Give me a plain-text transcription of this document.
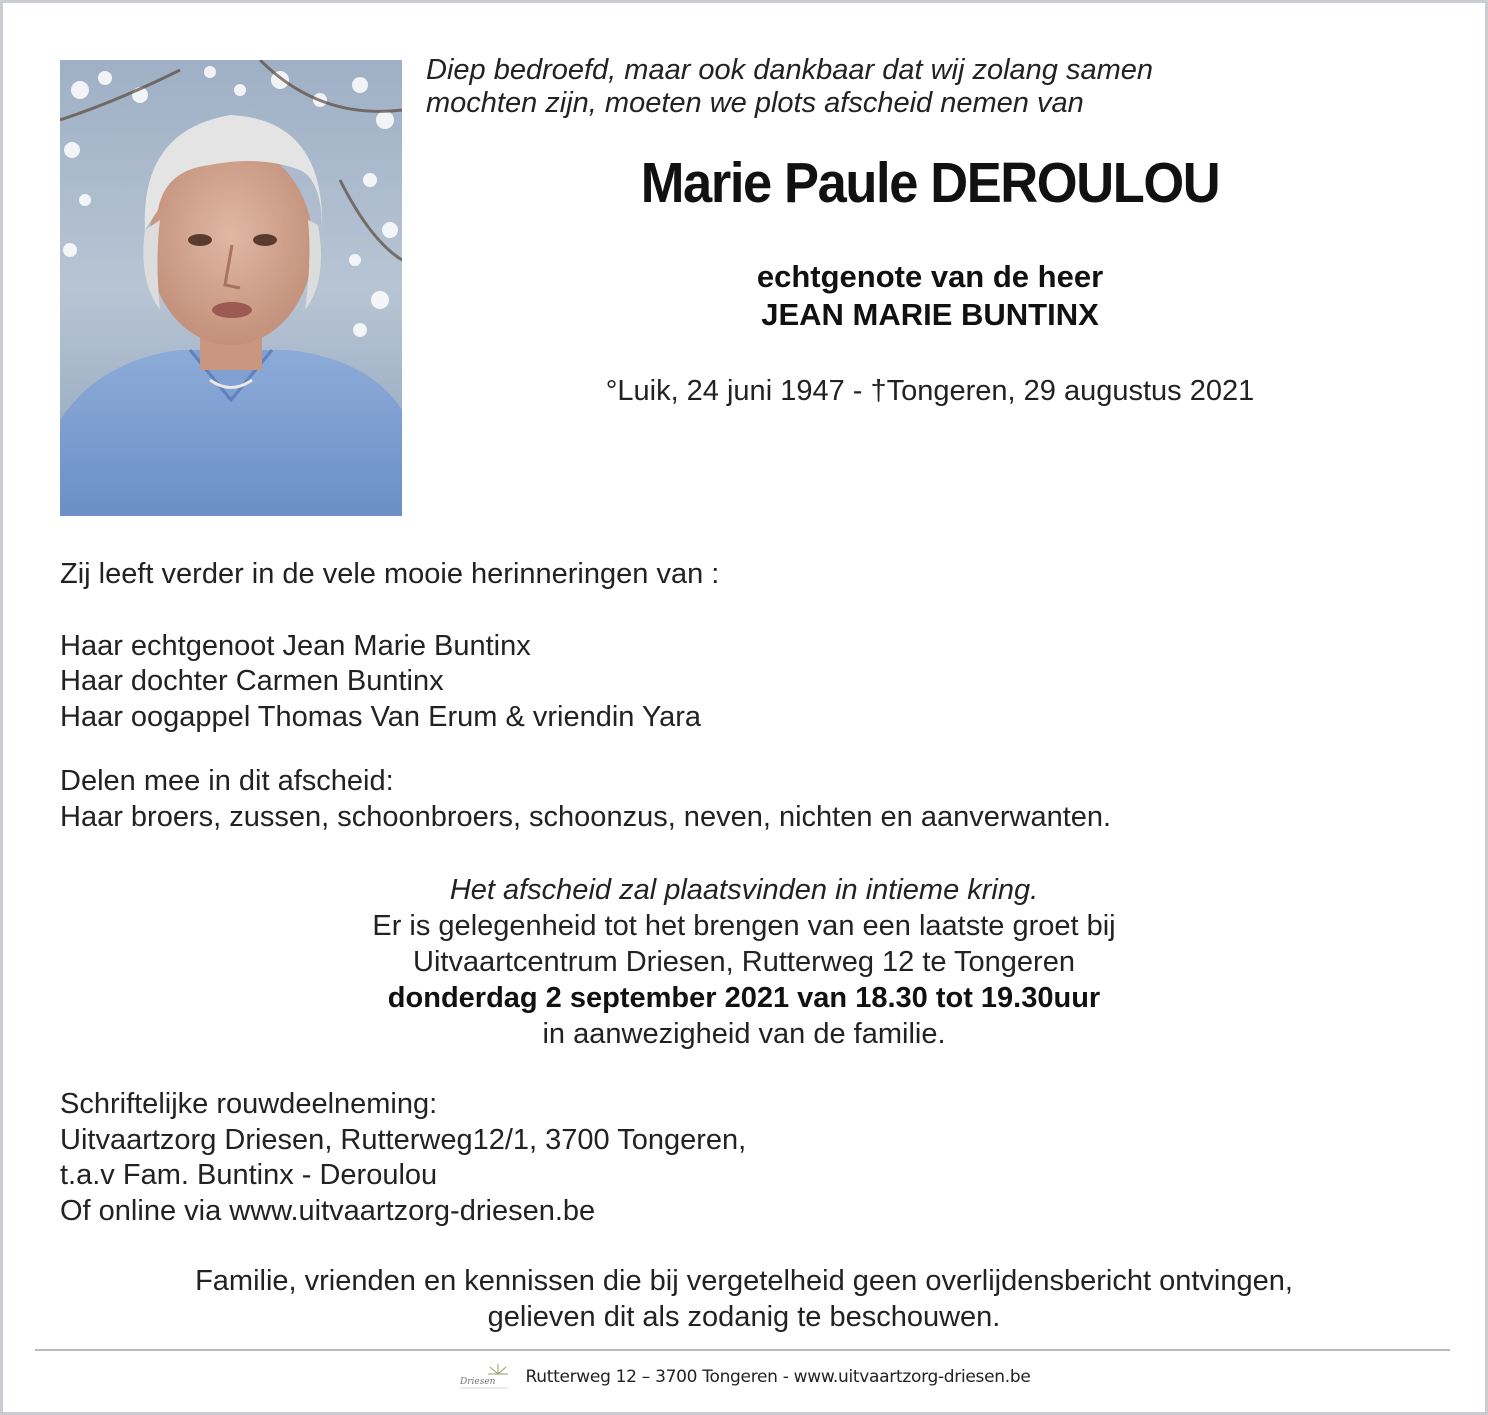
Diep bedroefd, maar ook dankbaar dat wij zolang samen
mochten zijn, moeten we plots afscheid nemen van
Marie Paule DEROULOU
echtgenote van de heer
JEAN MARIE BUNTINX
°Luik, 24 juni 1947 - †Tongeren, 29 augustus 2021
Zij leeft verder in de vele mooie herinneringen van :
Haar echtgenoot Jean Marie Buntinx
Haar dochter Carmen Buntinx
Haar oogappel Thomas Van Erum & vriendin Yara
Delen mee in dit afscheid:
Haar broers, zussen, schoonbroers, schoonzus, neven, nichten en aanverwanten.
Het afscheid zal plaatsvinden in intieme kring.
Er is gelegenheid tot het brengen van een laatste groet bij
Uitvaartcentrum Driesen, Rutterweg 12 te Tongeren
donderdag 2 september 2021 van 18.30 tot 19.30uur
in aanwezigheid van de familie.
Schriftelijke rouwdeelneming:
Uitvaartzorg Driesen, Rutterweg12/1, 3700 Tongeren,
t.a.v Fam. Buntinx - Deroulou
Of online via www.uitvaartzorg-driesen.be
Familie, vrienden en kennissen die bij vergetelheid geen overlijdensbericht ontvingen,
gelieven dit als zodanig te beschouwen.
Driesen Rutterweg 12 – 3700 Tongeren - www.uitvaartzorg-driesen.be
